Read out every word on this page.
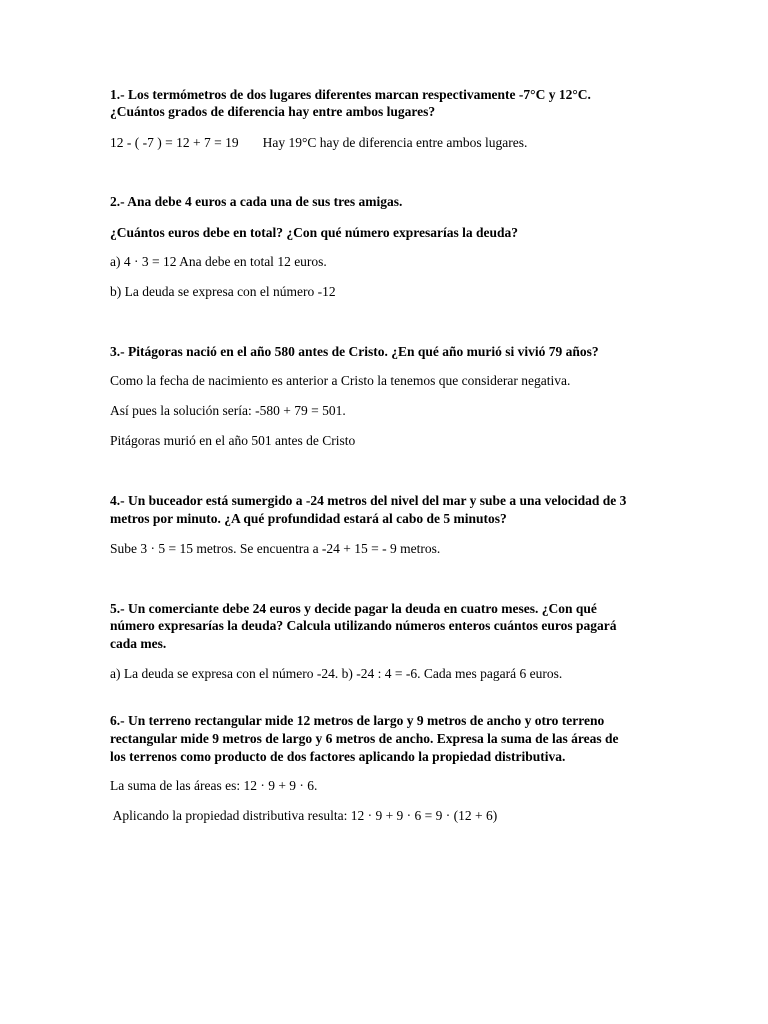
1.- Los termómetros de dos lugares diferentes marcan respectivamente -7°C y 12°C.
¿Cuántos grados de diferencia hay entre ambos lugares?
12 - ( -7 ) = 12 + 7 = 19 Hay 19°C hay de diferencia entre ambos lugares.
2.- Ana debe 4 euros a cada una de sus tres amigas.
¿Cuántos euros debe en total? ¿Con qué número expresarías la deuda?
a) 4 · 3 = 12 Ana debe en total 12 euros.
b) La deuda se expresa con el número -12
3.- Pitágoras nació en el año 580 antes de Cristo. ¿En qué año murió si vivió 79 años?
Como la fecha de nacimiento es anterior a Cristo la tenemos que considerar negativa.
Así pues la solución sería: -580 + 79 = 501.
Pitágoras murió en el año 501 antes de Cristo
4.- Un buceador está sumergido a -24 metros del nivel del mar y sube a una velocidad de 3
metros por minuto. ¿A qué profundidad estará al cabo de 5 minutos?
Sube 3 · 5 = 15 metros. Se encuentra a -24 + 15 = - 9 metros.
5.- Un comerciante debe 24 euros y decide pagar la deuda en cuatro meses. ¿Con qué
número expresarías la deuda? Calcula utilizando números enteros cuántos euros pagará
cada mes.
a) La deuda se expresa con el número -24. b) -24 : 4 = -6. Cada mes pagará 6 euros.
6.- Un terreno rectangular mide 12 metros de largo y 9 metros de ancho y otro terreno
rectangular mide 9 metros de largo y 6 metros de ancho. Expresa la suma de las áreas de
los terrenos como producto de dos factores aplicando la propiedad distributiva.
La suma de las áreas es: 12 · 9 + 9 · 6.
Aplicando la propiedad distributiva resulta: 12 · 9 + 9 · 6 = 9 · (12 + 6)
